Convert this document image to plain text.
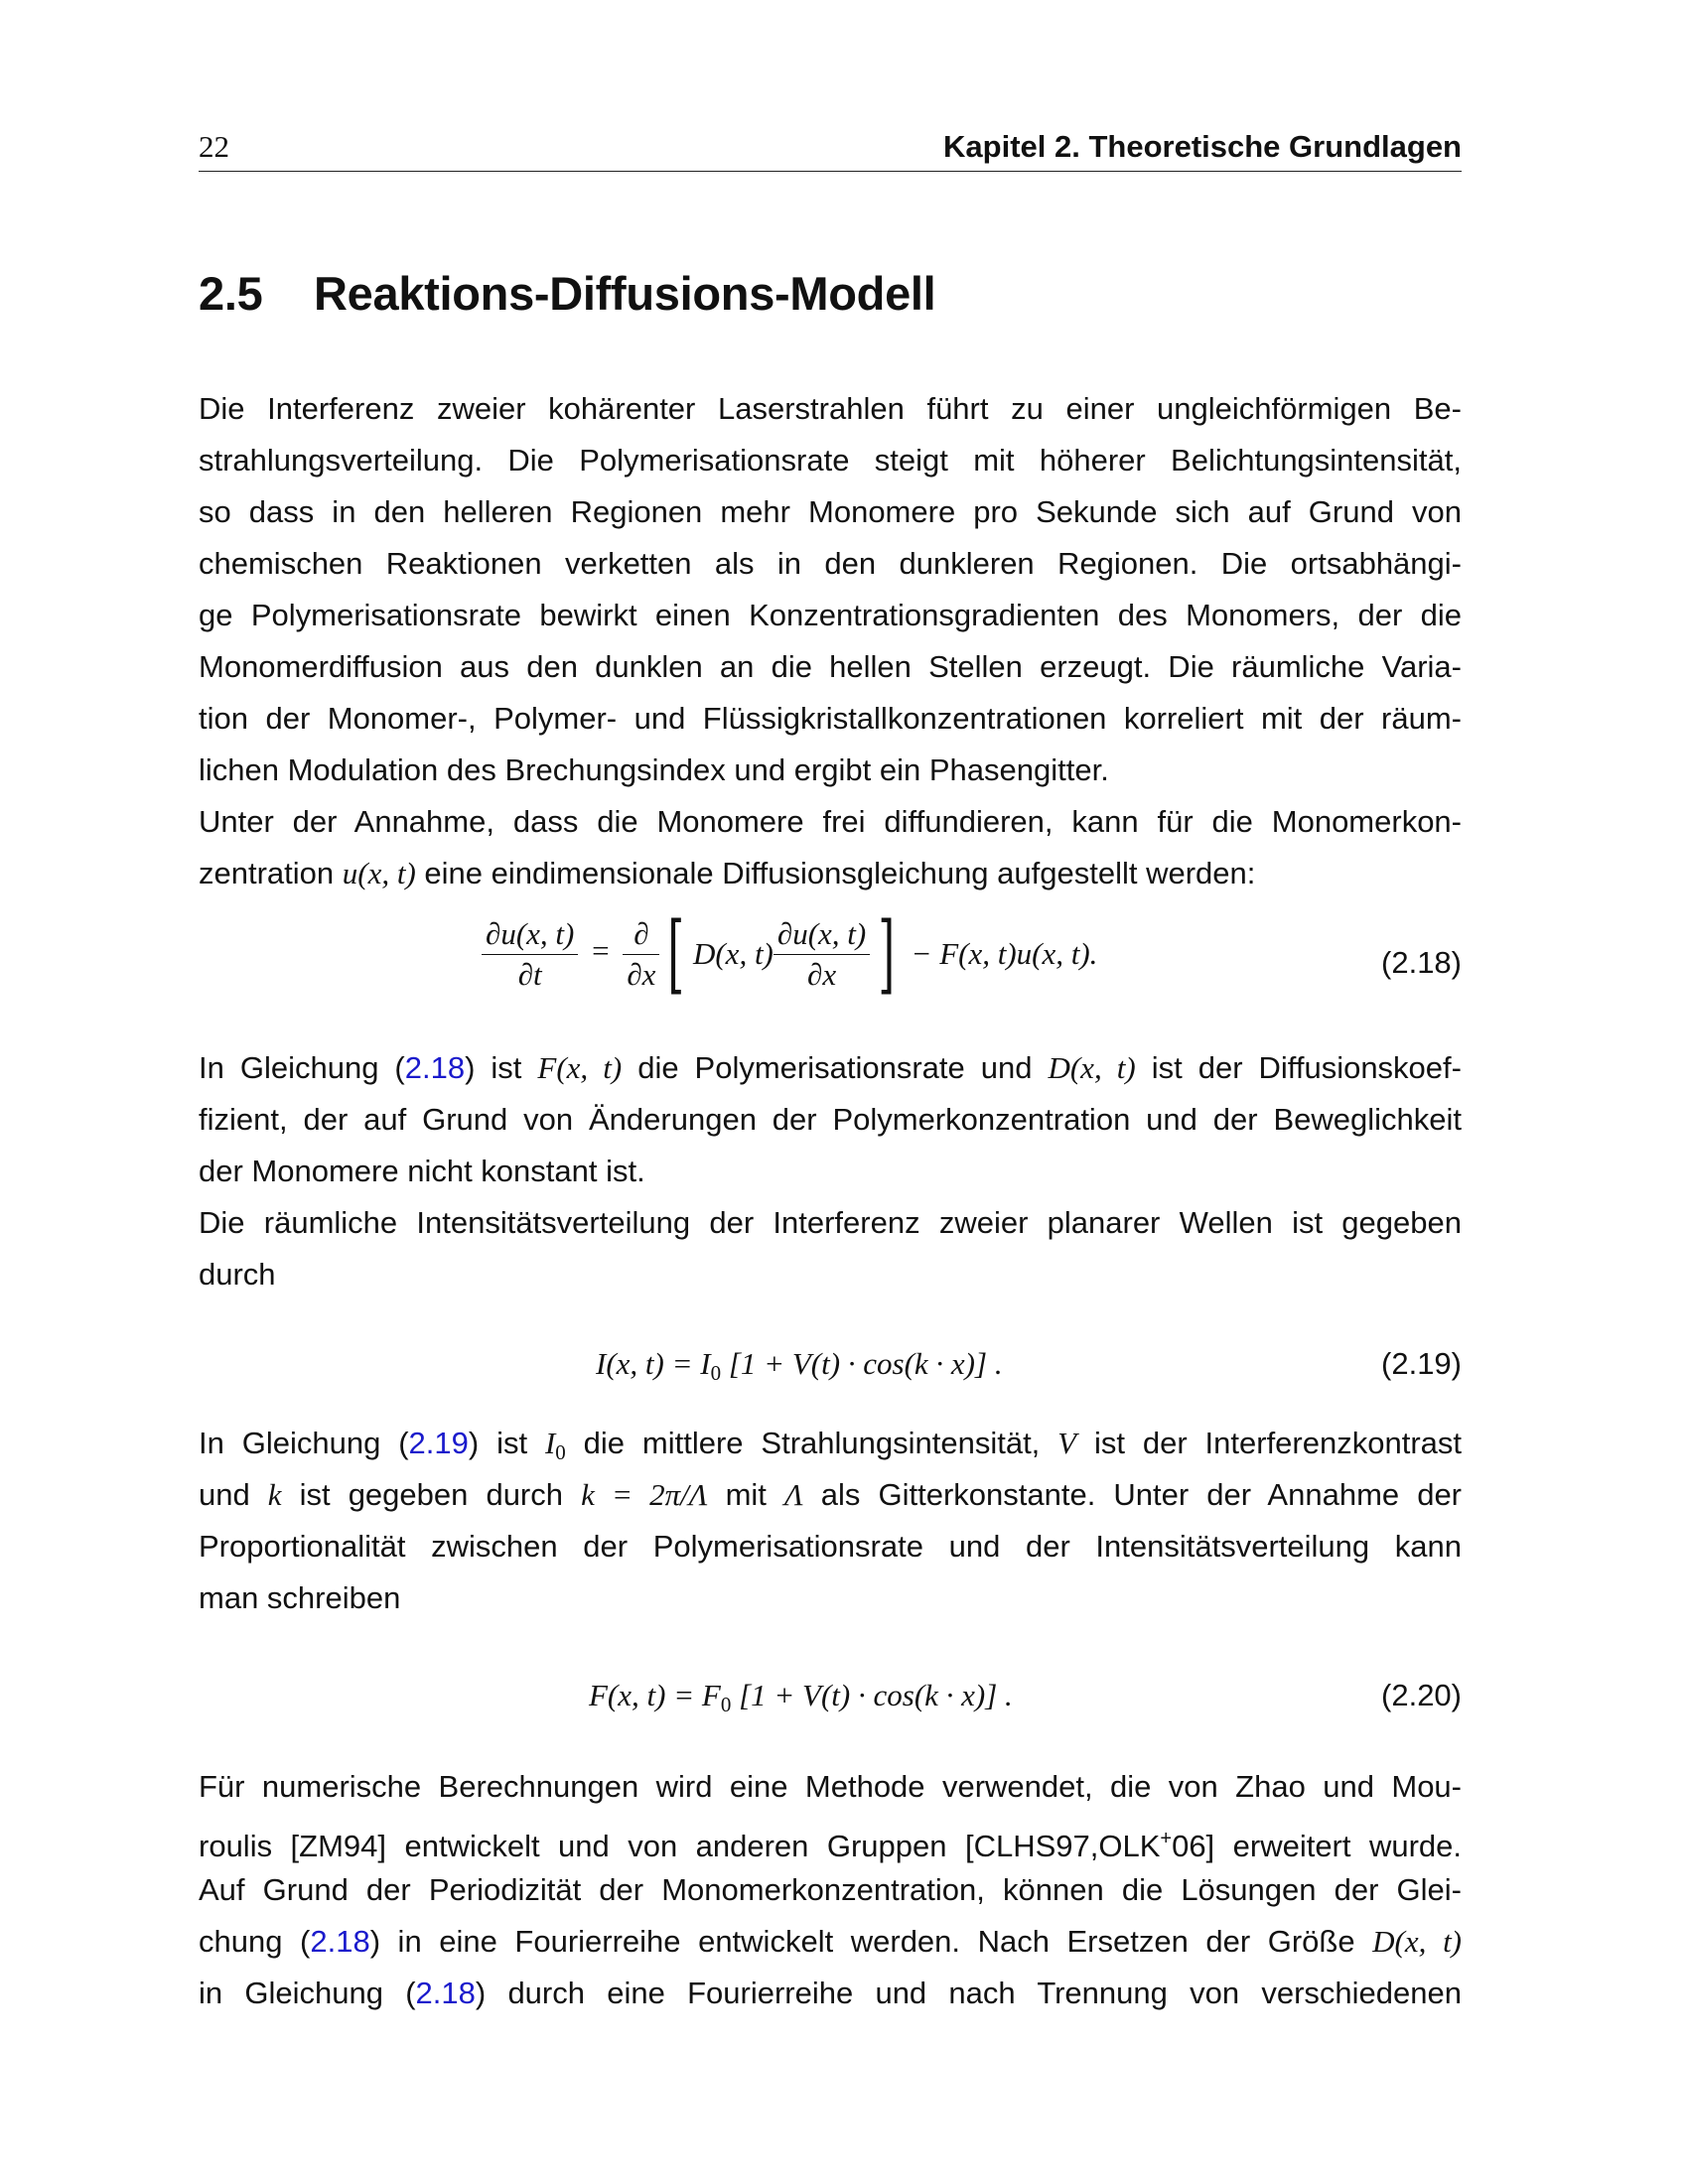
22	Kapitel 2. Theoretische Grundlagen
2.5 Reaktions-Diffusions-Modell
Die Interferenz zweier kohärenter Laserstrahlen führt zu einer ungleichförmigen Be-
strahlungsverteilung. Die Polymerisationsrate steigt mit höherer Belichtungsintensität,
so dass in den helleren Regionen mehr Monomere pro Sekunde sich auf Grund von
chemischen Reaktionen verketten als in den dunkleren Regionen. Die ortsabhängi-
ge Polymerisationsrate bewirkt einen Konzentrationsgradienten des Monomers, der die
Monomerdiffusion aus den dunklen an die hellen Stellen erzeugt. Die räumliche Varia-
tion der Monomer-, Polymer- und Flüssigkristallkonzentrationen korreliert mit der räum-
lichen Modulation des Brechungsindex und ergibt ein Phasengitter.
Unter der Annahme, dass die Monomere frei diffundieren, kann für die Monomerkon-
zentration u(x, t) eine eindimensionale Diffusionsgleichung aufgestellt werden:
$\frac{\partial u(x, t)}{\partial t} = \frac{\partial}{\partial x}$ [ D(x, $t) \frac{\partial u(x, t)}{\partial x}$ ] − F(x, t)u(x, t).	(2.18)
In Gleichung (2.18) ist F(x, t) die Polymerisationsrate und D(x, t) ist der Diffusionskoef-
fizient, der auf Grund von Änderungen der Polymerkonzentration und der Beweglichkeit
der Monomere nicht konstant ist.
Die räumliche Intensitätsverteilung der Interferenz zweier planarer Wellen ist gegeben
durch
I(x, $t) = I_0$ [1 + V(t) · cos(k · x)] .	(2.19)
In Gleichung (2.19) ist $I_0$ die mittlere Strahlungsintensität, V ist der Interferenzkontrast
und k ist gegeben durch k = 2π/Λ mit Λ als Gitterkonstante. Unter der Annahme der
Proportionalität zwischen der Polymerisationsrate und der Intensitätsverteilung kann
man schreiben
F(x, $t) = F_0$ [1 + V(t) · cos(k · x)] .	(2.20)
Für numerische Berechnungen wird eine Methode verwendet, die von Zhao und Mou-
roulis [ZM94] entwickelt und von anderen Gruppen [CLHS97,OLK+06] erweitert wurde.
Auf Grund der Periodizität der Monomerkonzentration, können die Lösungen der Glei-
chung (2.18) in eine Fourierreihe entwickelt werden. Nach Ersetzen der Größe D(x, t)
in Gleichung (2.18) durch eine Fourierreihe und nach Trennung von verschiedenen
